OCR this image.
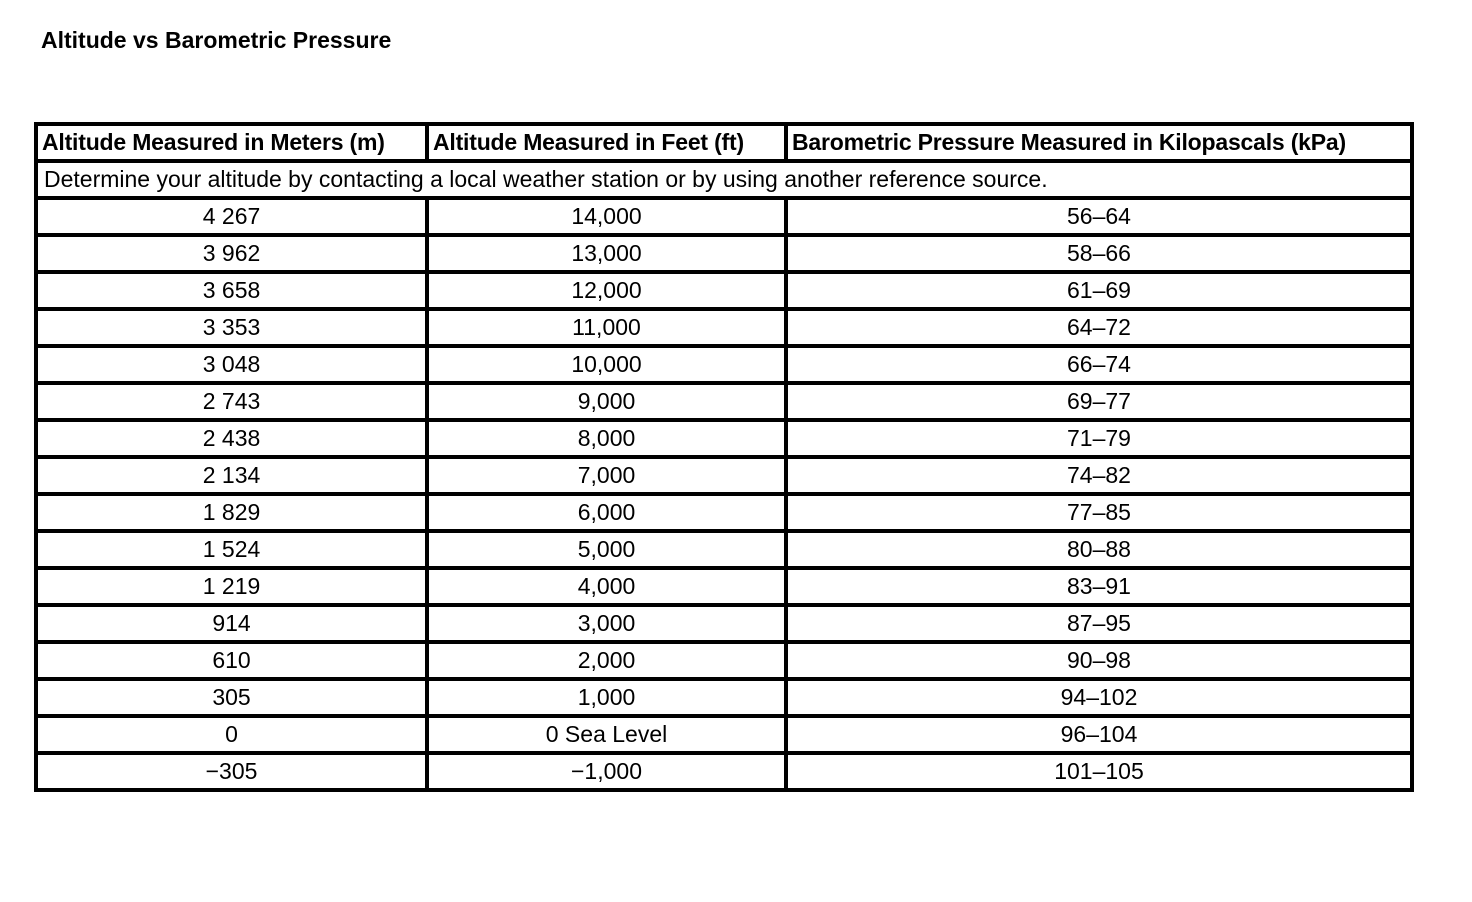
Altitude vs Barometric Pressure
Altitude Measured in Meters (m)	Altitude Measured in Feet (ft)	Barometric Pressure Measured in Kilopascals (kPa)
Determine your altitude by contacting a local weather station or by using another reference source.		
4 267	14,000	56–64
3 962	13,000	58–66
3 658	12,000	61–69
3 353	11,000	64–72
3 048	10,000	66–74
2 743	9,000	69–77
2 438	8,000	71–79
2 134	7,000	74–82
1 829	6,000	77–85
1 524	5,000	80–88
1 219	4,000	83–91
914	3,000	87–95
610	2,000	90–98
305	1,000	94–102
0	0 Sea Level	96–104
−305	−1,000	101–105
